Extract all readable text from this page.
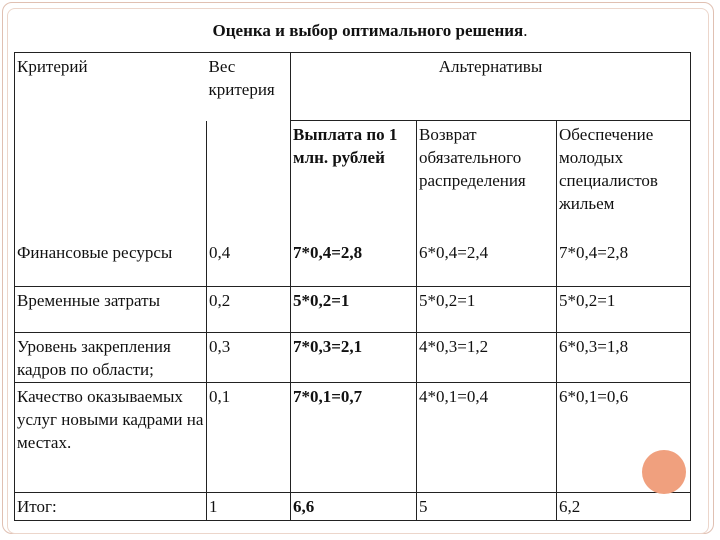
Оценка и выбор оптимального решения.
Критерий	Вес критерия	Альтернативы		
		Выплата по 1 млн. рублей	Возврат обязательного распределения	Обеспечение молодых специалистов жильем
Финансовые ресурсы	0,4	7*0,4=2,8	6*0,4=2,4	7*0,4=2,8
Временные затраты	0,2	5*0,2=1	5*0,2=1	5*0,2=1
Уровень закрепления кадров по области;	0,3	7*0,3=2,1	4*0,3=1,2	6*0,3=1,8
Качество оказываемых услуг новыми кадрами на местах.	0,1	7*0,1=0,7	4*0,1=0,4	6*0,1=0,6
Итог:	1	6,6	5	6,2
